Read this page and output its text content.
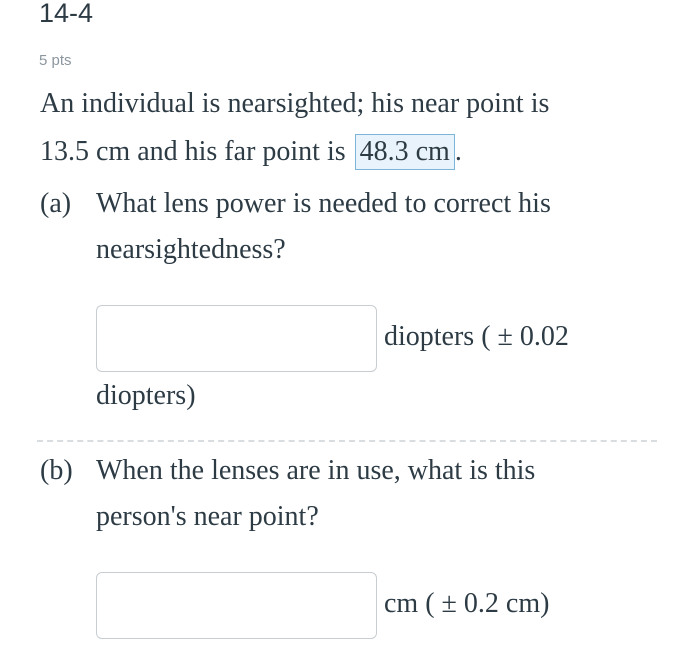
14-4
5 pts
An individual is nearsighted; his near point is
13.5 cm and his far point is 48.3 cm .
(a) What lens power is needed to correct his
nearsightedness?
diopters ( ± 0.02
diopters)
(b) When the lenses are in use, what is this
person's near point?
cm ( ± 0.2 cm)
